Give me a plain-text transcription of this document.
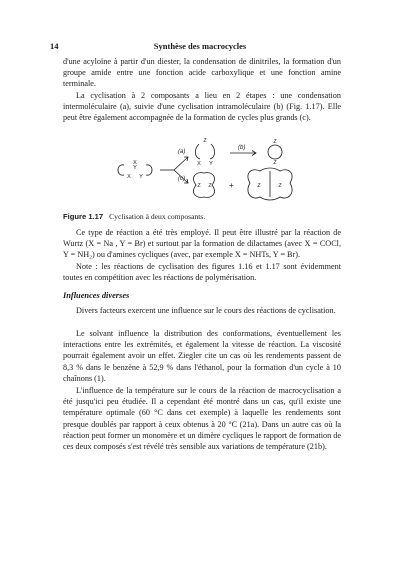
14	Synthèse des macrocycles

d'une acyloïne à partir d'un diester, la condensation de dinitriles, la formation d'un groupe amide entre une fonction acide carboxylique et une fonction amine terminale.

La cyclisation à 2 composants a lieu en 2 étapes : une condensation intermoléculaire (a), suivie d'une cyclisation intramoléculaire (b) (Fig. 1.17). Elle peut être également accompagnée de la formation de cycles plus grands (c).

X
Y
X Y
Z
X Y
Z
Z
Z Z	Z	Z
(a)
(b)
(c)
+
Figure 1.17 Cyclisation à deux composants.

Ce type de réaction a été très employé. Il peut être illustré par la réaction de Wurtz (X = Na , Y = Br) et surtout par la formation de dilactames (avec X = COCl, Y = NH₂) ou d'amines cycliques (avec, par exemple X = NHTs, Y = Br).

Note : les réactions de cyclisation des figures 1.16 et 1.17 sont évidemment toutes en compétition avec les réactions de polymérisation.

Influences diverses

Divers facteurs exercent une influence sur le cours des réactions de cyclisation.

Le solvant influence la distribution des conformations, éventuellement les interactions entre les extrémités, et également la vitesse de réaction. La viscosité pourrait également avoir un effet. Ziegler cite un cas où les rendements passent de 8,3 % dans le benzène à 52,9 % dans l'éthanol, pour la formation d'un cycle à 10 chaînons (1).

L'influence de la température sur le cours de la réaction de macrocyclisation a été jusqu'ici peu étudiée. Il a cependant été montré dans un cas, qu'il existe une température optimale (60 °C dans cet exemple) à laquelle les rendements sont presque doublés par rapport à ceux obtenus à 20 °C (21a). Dans un autre cas où la réaction peut former un monomère et un dimère cycliques le rapport de formation de ces deux composés s'est révélé très sensible aux variations de température (21b).
